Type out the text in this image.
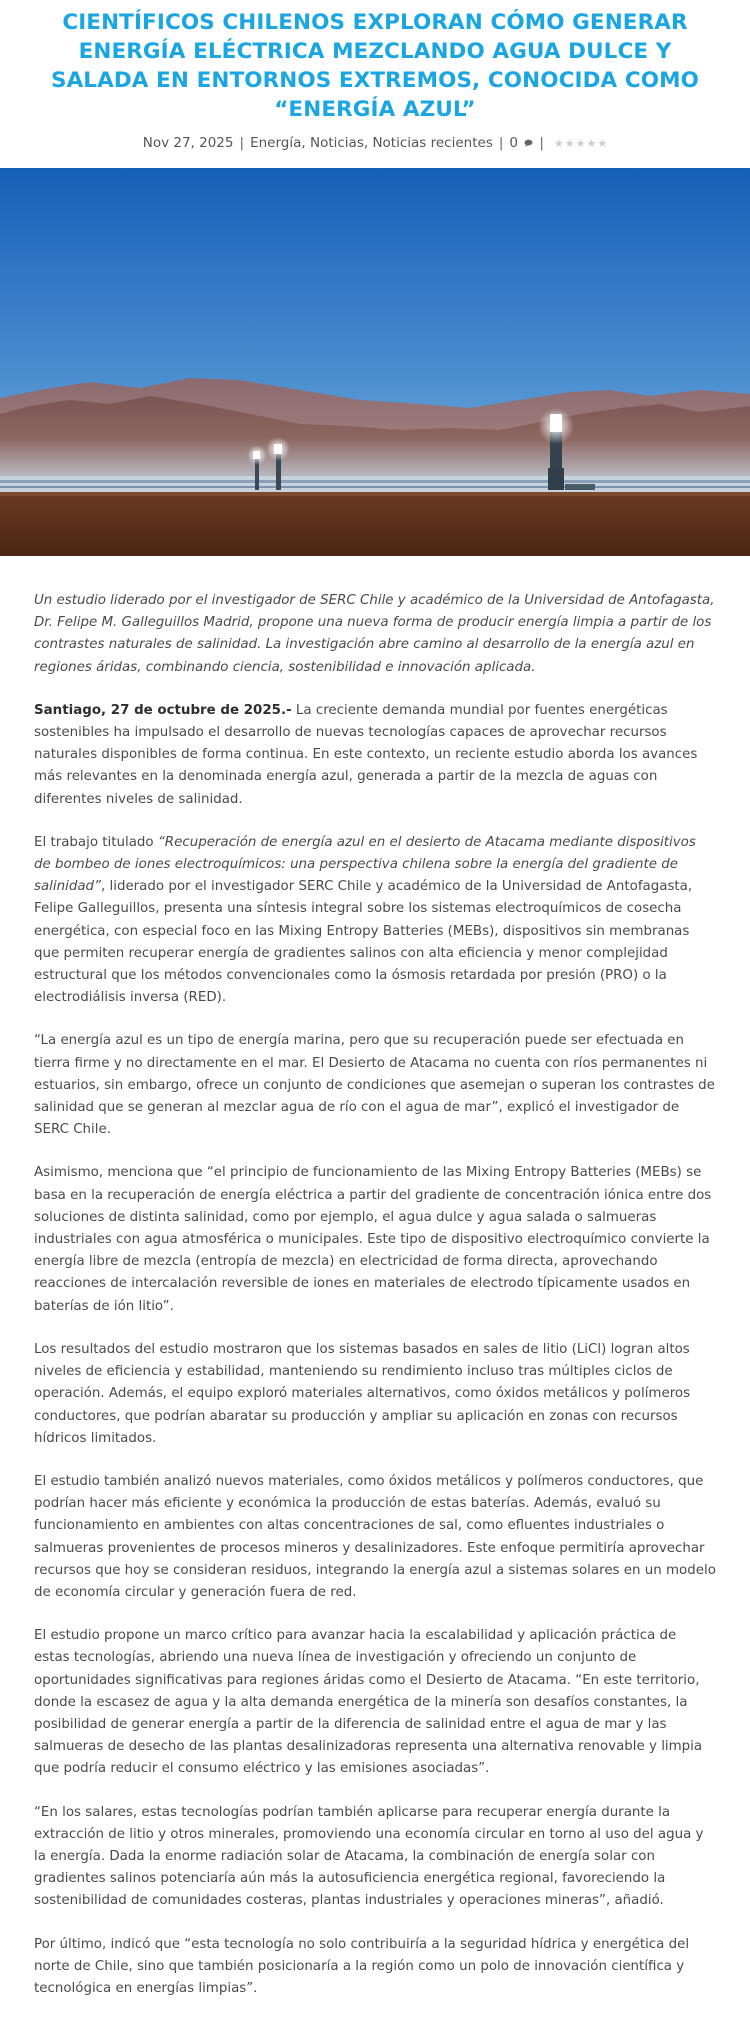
CIENTÍFICOS CHILENOS EXPLORAN CÓMO GENERAR ENERGÍA ELÉCTRICA MEZCLANDO AGUA DULCE Y SALADA EN ENTORNOS EXTREMOS, CONOCIDA COMO “ENERGÍA AZUL”
Nov 27, 2025 | Energía , Noticias , Noticias recientes | 0	| ★ ★ ★ ★ ★

Un estudio liderado por el investigador de SERC Chile y académico de la Universidad de Antofagasta, Dr. Felipe M. Galleguillos Madrid, propone una nueva forma de producir energía limpia a partir de los contrastes naturales de salinidad. La investigación abre camino al desarrollo de la energía azul en regiones áridas, combinando ciencia, sostenibilidad e innovación aplicada.

Santiago, 27 de octubre de 2025.- La creciente demanda mundial por fuentes energéticas sostenibles ha impulsado el desarrollo de nuevas tecnologías capaces de aprovechar recursos naturales disponibles de forma continua. En este contexto, un reciente estudio aborda los avances más relevantes en la denominada energía azul, generada a partir de la mezcla de aguas con diferentes niveles de salinidad.

El trabajo titulado “Recuperación de energía azul en el desierto de Atacama mediante dispositivos de bombeo de iones electroquímicos: una perspectiva chilena sobre la energía del gradiente de salinidad”, liderado por el investigador SERC Chile y académico de la Universidad de Antofagasta, Felipe Galleguillos, presenta una síntesis integral sobre los sistemas electroquímicos de cosecha energética, con especial foco en las Mixing Entropy Batteries (MEBs), dispositivos sin membranas que permiten recuperar energía de gradientes salinos con alta eficiencia y menor complejidad estructural que los métodos convencionales como la ósmosis retardada por presión (PRO) o la electrodiálisis inversa (RED).

“La energía azul es un tipo de energía marina, pero que su recuperación puede ser efectuada en tierra firme y no directamente en el mar. El Desierto de Atacama no cuenta con ríos permanentes ni estuarios, sin embargo, ofrece un conjunto de condiciones que asemejan o superan los contrastes de salinidad que se generan al mezclar agua de río con el agua de mar”, explicó el investigador de SERC Chile.

Asimismo, menciona que “el principio de funcionamiento de las Mixing Entropy Batteries (MEBs) se basa en la recuperación de energía eléctrica a partir del gradiente de concentración iónica entre dos soluciones de distinta salinidad, como por ejemplo, el agua dulce y agua salada o salmueras industriales con agua atmosférica o municipales. Este tipo de dispositivo electroquímico convierte la energía libre de mezcla (entropía de mezcla) en electricidad de forma directa, aprovechando reacciones de intercalación reversible de iones en materiales de electrodo típicamente usados en baterías de ión litio”.

Los resultados del estudio mostraron que los sistemas basados en sales de litio (LiCl) logran altos niveles de eficiencia y estabilidad, manteniendo su rendimiento incluso tras múltiples ciclos de operación. Además, el equipo exploró materiales alternativos, como óxidos metálicos y polímeros conductores, que podrían abaratar su producción y ampliar su aplicación en zonas con recursos hídricos limitados.

El estudio también analizó nuevos materiales, como óxidos metálicos y polímeros conductores, que podrían hacer más eficiente y económica la producción de estas baterías. Además, evaluó su funcionamiento en ambientes con altas concentraciones de sal, como efluentes industriales o salmueras provenientes de procesos mineros y desalinizadores. Este enfoque permitiría aprovechar recursos que hoy se consideran residuos, integrando la energía azul a sistemas solares en un modelo de economía circular y generación fuera de red.

El estudio propone un marco crítico para avanzar hacia la escalabilidad y aplicación práctica de estas tecnologías, abriendo una nueva línea de investigación y ofreciendo un conjunto de oportunidades significativas para regiones áridas como el Desierto de Atacama. “En este territorio, donde la escasez de agua y la alta demanda energética de la minería son desafíos constantes, la posibilidad de generar energía a partir de la diferencia de salinidad entre el agua de mar y las salmueras de desecho de las plantas desalinizadoras representa una alternativa renovable y limpia que podría reducir el consumo eléctrico y las emisiones asociadas”.

“En los salares, estas tecnologías podrían también aplicarse para recuperar energía durante la extracción de litio y otros minerales, promoviendo una economía circular en torno al uso del agua y la energía. Dada la enorme radiación solar de Atacama, la combinación de energía solar con gradientes salinos potenciaría aún más la autosuficiencia energética regional, favoreciendo la sostenibilidad de comunidades costeras, plantas industriales y operaciones mineras”, añadió.

Por último, indicó que “esta tecnología no solo contribuiría a la seguridad hídrica y energética del norte de Chile, sino que también posicionaría a la región como un polo de innovación científica y tecnológica en energías limpias”.
